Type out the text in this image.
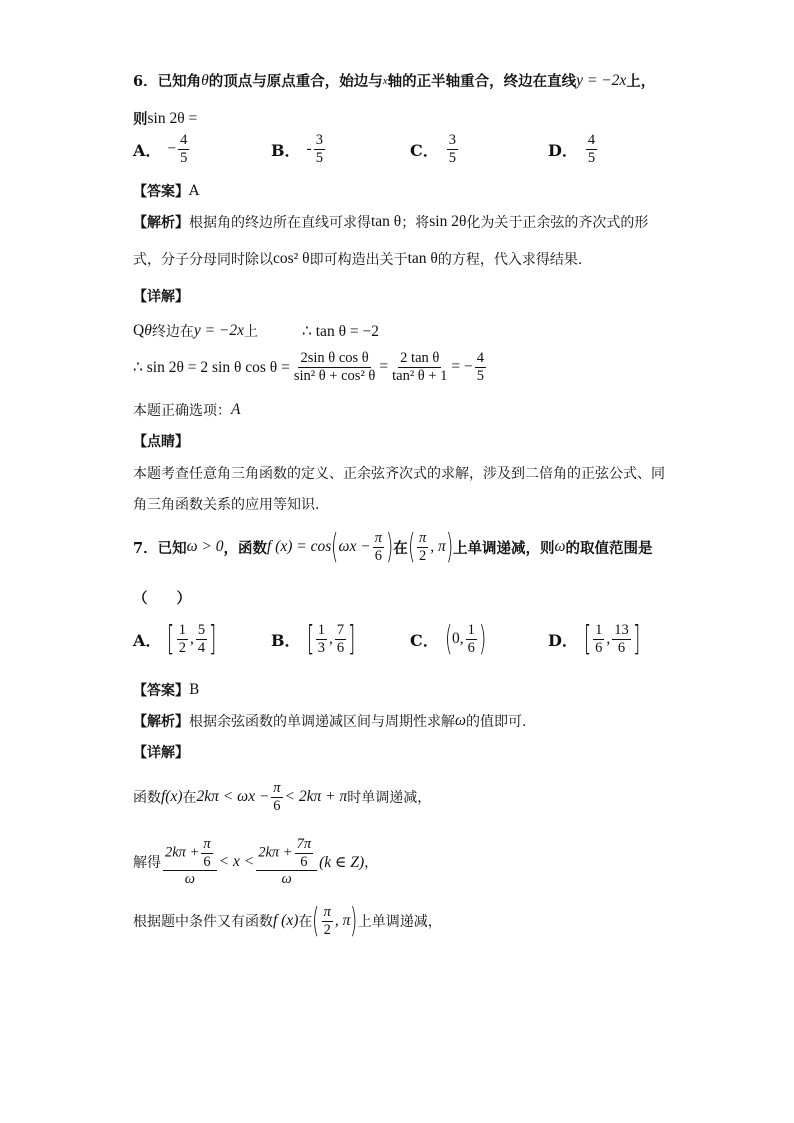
6． 已知角 θ 的顶点与原点重合，始边与 x 轴的正半轴重合，终边在直线 y = −2x 上，
则 sin 2θ =
A． − $\frac{4}{5}$	B． - $\frac{3}{5}$	C． $\frac{3}{5}$	D． $\frac{4}{5}$
【答案】 A
【解析】 根据角的终边所在直线可求得 tan θ ；将 sin 2θ 化为关于正余弦的齐次式的形
式，分子分母同时除以 cos² θ 即可构造出关于 tan θ 的方程，代入求得结果.
【详解】
Q θ 终边在 y = −2x 上	∴ tan θ = −2
∴ sin 2θ = 2 sin θ $\cos \theta = \frac{\text{2sin θ cos θ}}{\text{sin² θ + cos² θ}} = \frac{\text{2 tan θ}}{\text{tan² θ + 1}}$ = − $\frac{4}{5}$
本题正确选项： A
【点睛】
本题考查任意角三角函数的定义、正余弦齐次式的求解，涉及到二倍角的正弦公式、同
角三角函数关系的应用等知识.
7． 已知 ω > 0 ，函数 f (x) = cos ( $\omega x - \frac{\pi}{6}$ ) 在 ( $\frac{\pi}{2}$ , π ) 上单调递减，则 ω 的取值范围是
（　　）
A． [ $\frac{1}{2}$ , $\frac{5}{4}$ ]	B． [ $\frac{1}{3}$ , $\frac{7}{6}$ ]	C． ( 0 , $\frac{1}{6}$ )	D． [ $\frac{1}{6}$ , $\frac{13}{6}$ ]
【答案】 B
【解析】 根据余弦函数的单调递减区间与周期性求解 ω 的值即可.
【详解】
函数 f(x) 在 $2k\pi < \omega x - \frac{\pi}{6} < 2k\pi + \pi$ 时单调递减，
解得 $\frac{2k\pi + \frac{\pi}{6}}{\omega} < x < \frac{2k\pi + \frac{7\pi}{6}}{\omega} (k$ ∈ Z) ，
根据题中条件又有函数 f (x) 在 ( $\frac{\pi}{2}$ , π ) 上单调递减，
